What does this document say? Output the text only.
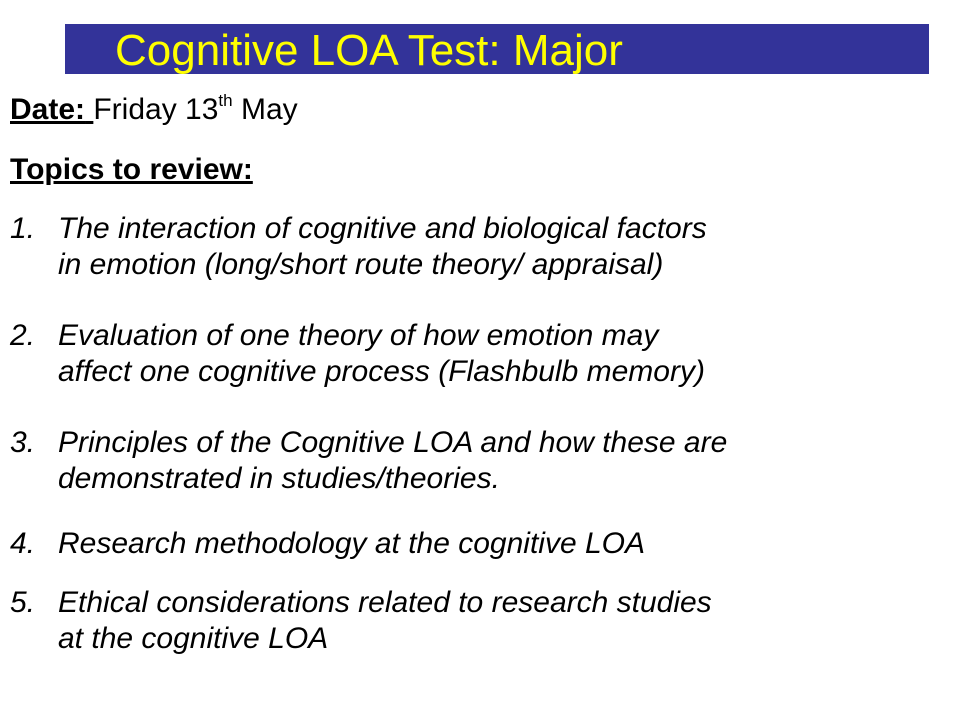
Cognitive LOA Test: Major
Date: Friday 13th May
Topics to review:
1. The interaction of cognitive and biological factors
in emotion (long/short route theory/ appraisal)
2. Evaluation of one theory of how emotion may
affect one cognitive process (Flashbulb memory)
3. Principles of the Cognitive LOA and how these are
demonstrated in studies/theories.
4. Research methodology at the cognitive LOA
5. Ethical considerations related to research studies
at the cognitive LOA
